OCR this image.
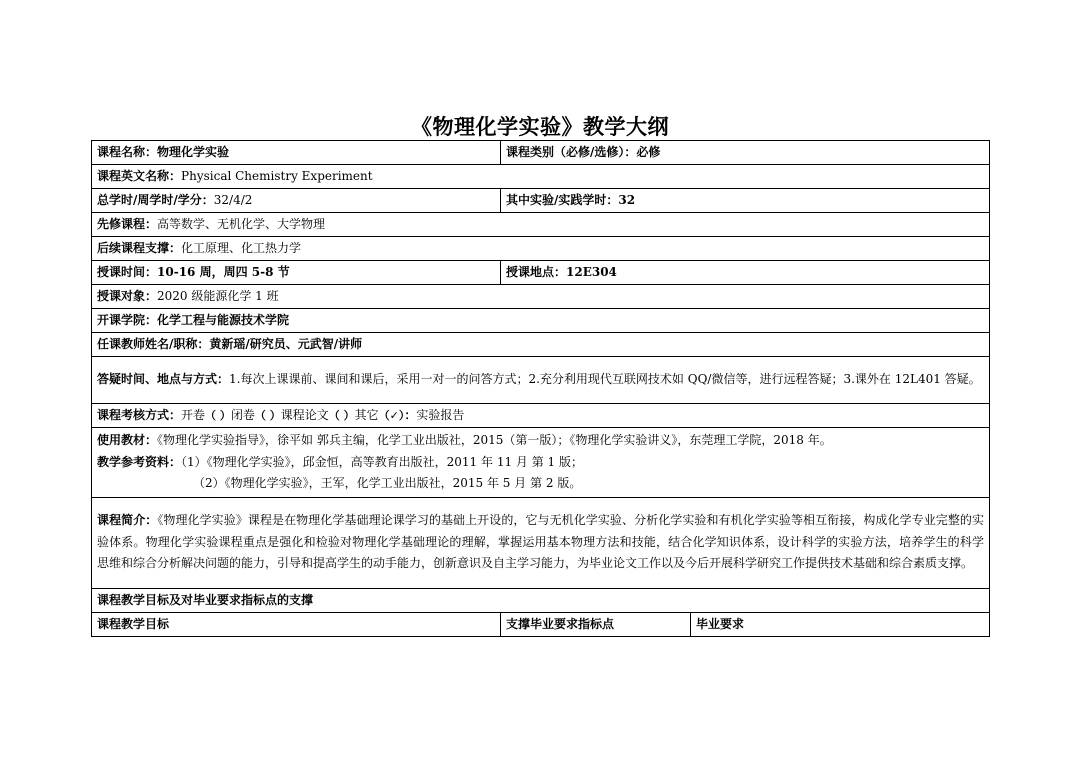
《物理化学实验》教学大纲
课程名称：物理化学实验	课程类别（必修/选修）：必修	
课程英文名称：Physical Chemistry Experiment		
总学时/周学时/学分：32/4/2	其中实验/实践学时：32	
先修课程：高等数学、无机化学、大学物理		
后续课程支撑：化工原理、化工热力学		
授课时间：10-16 周，周四 5-8 节	授课地点：12E304	
授课对象：2020 级能源化学 1 班		
开课学院：化学工程与能源技术学院		
任课教师姓名/职称：黄新瑶/研究员、元武智/讲师		
答疑时间、地点与方式：1.每次上课课前、课间和课后，采用一对一的问答方式；2.充分利用现代互联网技术如 QQ/微信等，进行远程答疑；3.课外在 12L401 答疑。		
课程考核方式：开卷（ ）闭卷（ ）课程论文（ ）其它（✓）：实验报告		

使用教材：《物理化学实验指导》，徐平如 郭兵主编，化学工业出版社，2015（第一版）；《物理化学实验讲义》，东莞理工学院，2018 年。
教学参考资料：（1）《物理化学实验》，邱金恒，高等教育出版社，2011 年 11 月 第 1 版；
（2）《物理化学实验》，王军，化学工业出版社，2015 年 5 月 第 2 版。		

课程简介：《物理化学实验》课程是在物理化学基础理论课学习的基础上开设的，它与无机化学实验、分析化学实验和有机化学实验等相互衔接，构成化学专业完整的实验体系。物理化学实验课程重点是强化和检验对物理化学基础理论的理解，掌握运用基本物理方法和技能，结合化学知识体系，设计科学的实验方法，培养学生的科学思维和综合分析解决问题的能力，引导和提高学生的动手能力，创新意识及自主学习能力，为毕业论文工作以及今后开展科学研究工作提供技术基础和综合素质支撑。		
课程教学目标及对毕业要求指标点的支撑		
课程教学目标	支撑毕业要求指标点	毕业要求
